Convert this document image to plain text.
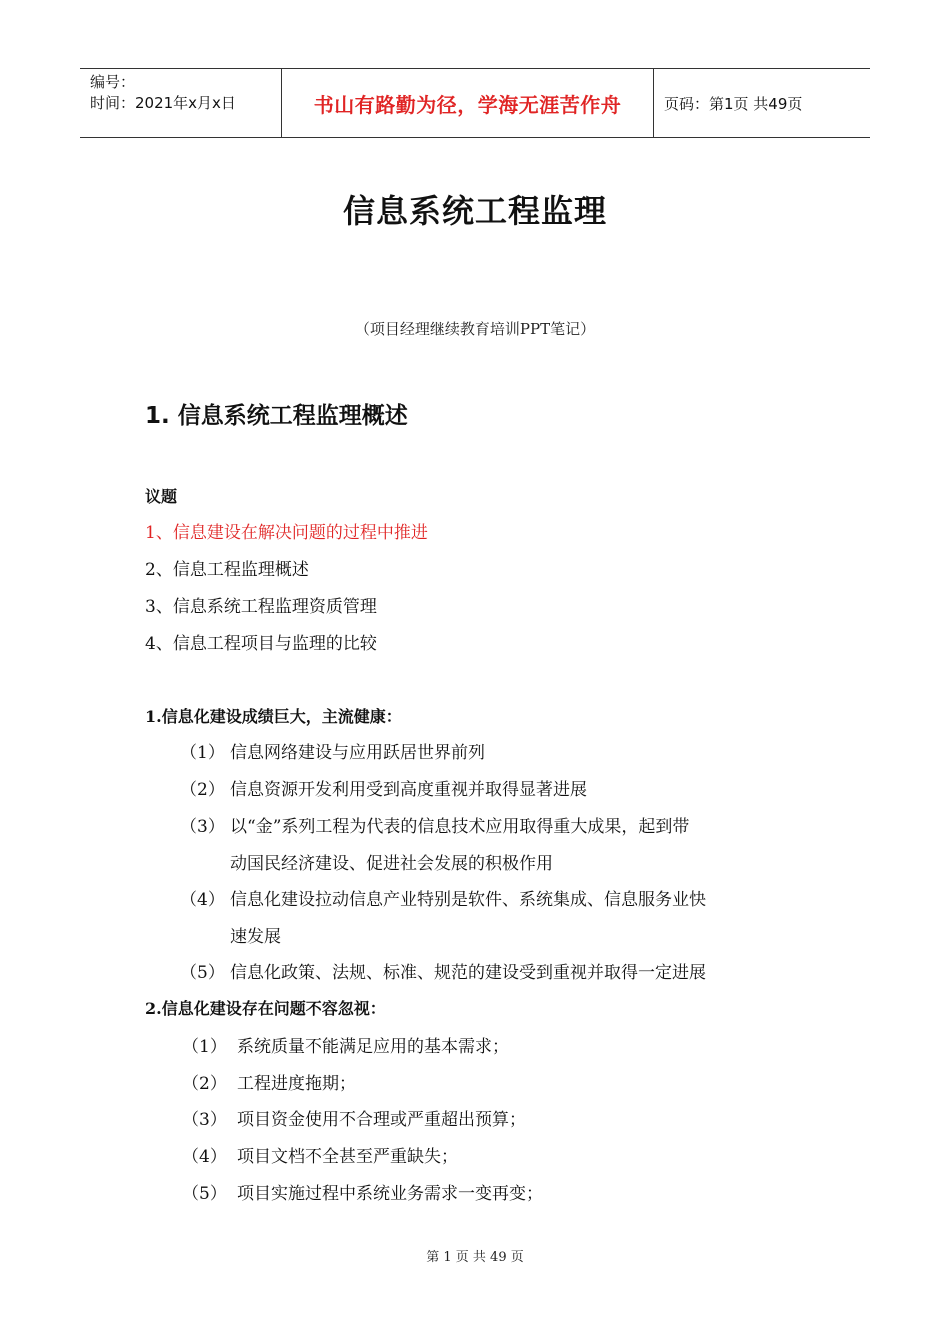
编号：
时间：2021年x月x日	书山有路勤为径，学海无涯苦作舟	页码：第1页 共49页
信息系统工程监理
（项目经理继续教育培训PPT笔记）
1. 信息系统工程监理概述
议题
1、信息建设在解决问题的过程中推进
2、信息工程监理概述
3、信息系统工程监理资质管理
4、信息工程项目与监理的比较
1.信息化建设成绩巨大，主流健康：
（1） 信息网络建设与应用跃居世界前列
（2） 信息资源开发利用受到高度重视并取得显著进展
（3） 以“金”系列工程为代表的信息技术应用取得重大成果，起到带
动国民经济建设、促进社会发展的积极作用
（4） 信息化建设拉动信息产业特别是软件、系统集成、信息服务业快
速发展
（5） 信息化政策、法规、标准、规范的建设受到重视并取得一定进展
2.信息化建设存在问题不容忽视：
（1） 系统质量不能满足应用的基本需求；
（2） 工程进度拖期；
（3） 项目资金使用不合理或严重超出预算；
（4） 项目文档不全甚至严重缺失；
（5） 项目实施过程中系统业务需求一变再变；
第 1 页 共 49 页
